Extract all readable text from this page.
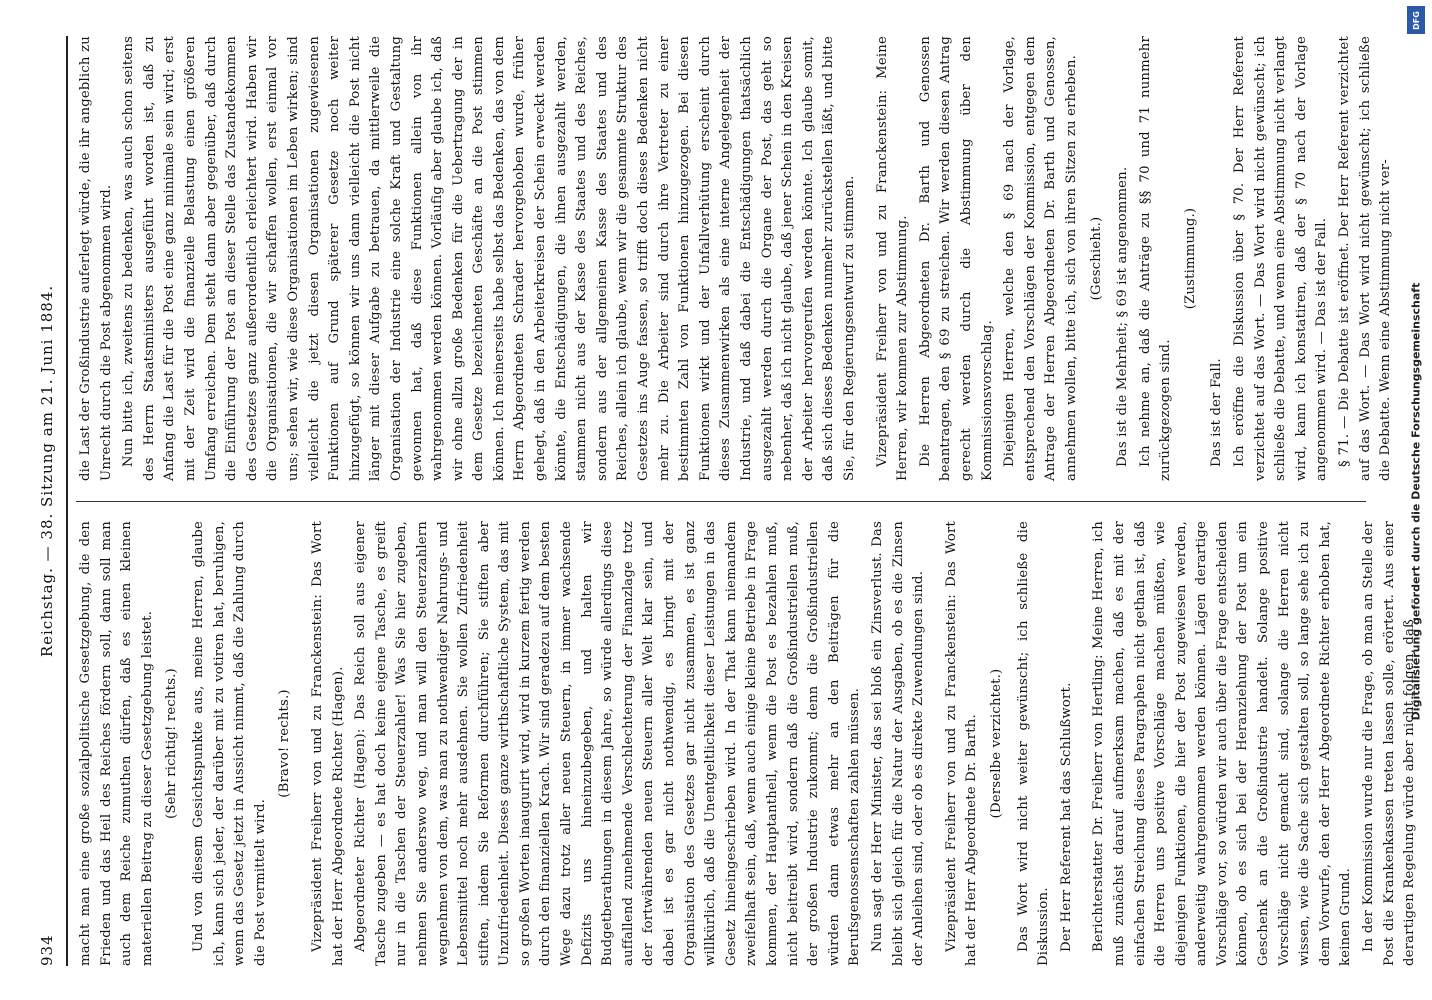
934
Reichstag. — 38. Sitzung am 21. Juni 1884.

macht man eine große sozialpolitische Gesetzgebung, die den Frieden und das Heil des Reiches fördern soll, dann soll man auch dem Reiche zumuthen dürfen, daß es einen kleinen materiellen Beitrag zu dieser Gesetzgebung leistet. (Sehr richtig! rechts.) Und von diesem Gesichtspunkte aus, meine Herren, glaube ich, kann sich jeder, der darüber mit zu votiren hat, beruhigen, wenn das Gesetz jetzt in Aussicht nimmt, daß die Zahlung durch die Post vermittelt wird.

(Bravo! rechts.) Vizepräsident Freiherr von und zu Franckenstein: Das Wort hat der Herr Abgeordnete Richter (Hagen). Abgeordneter Richter (Hagen): Das Reich soll aus eigener Tasche zugeben — es hat doch keine eigene Tasche, es greift nur in die Taschen der Steuerzahler! Was Sie hier zugeben, nehmen Sie anderswo weg, und man will den Steuerzahlern wegnehmen von dem, was man zu nothwendiger Nahrungs- und Lebensmittel noch mehr ausdehnen. Sie wollen Zufriedenheit stiften, indem Sie Reformen durchführen; Sie stiften aber Unzufriedenheit. Dieses ganze wirthschaftliche System, das mit so großen Worten inaugurirt wird, wird in kurzem fertig werden durch den finanziellen Krach. Wir sind geradezu auf dem besten Wege dazu trotz aller neuen Steuern, in immer wachsende Defizits uns hineinzubegeben, und halten wir Budgetberathungen in diesem Jahre, so würde allerdings diese auffallend zunehmende Verschlechterung der Finanzlage trotz der fortwährenden neuen Steuern aller Welt klar sein, und dabei ist es gar nicht nothwendig, es bringt mit der Organisation des Gesetzes gar nicht zusammen, es ist ganz willkürlich, daß die Unentgeltlichkeit dieser Leistungen in das Gesetz hineingeschrieben wird. In der That kann niemandem zweifelhaft sein, daß, wenn auch einige kleine Betriebe in Frage kommen, der Hauptantheil, wenn die Post es bezahlen muß, nicht beitreibt wird, sondern daß die Großindustriellen muß, der großen Industrie zukommt; denn die Großindustriellen würden dann etwas mehr an den Beiträgen für die Berufsgenossenschaften zahlen müssen. Nun sagt der Herr Minister, das sei bloß ein Zinsverlust. Das bleibt sich gleich für die Natur der Ausgaben, ob es die Zinsen der Anleihen sind, oder ob es direkte Zuwendungen sind. Vizepräsident Freiherr von und zu Franckenstein: Das Wort hat der Herr Abgeordnete Dr. Barth. (Derselbe verzichtet.) Das Wort wird nicht weiter gewünscht; ich schließe die Diskussion. Der Herr Referent hat das Schlußwort. Berichterstatter Dr. Freiherr von Hertling: Meine Herren, ich muß zunächst darauf aufmerksam machen, daß es mit der einfachen Streichung dieses Paragraphen nicht gethan ist, daß die Herren uns positive Vorschläge machen müßten, wie diejenigen Funktionen, die hier der Post zugewiesen werden, anderweitig wahrgenommen werden können. Lägen derartige Vorschläge vor, so würden wir auch über die Frage entscheiden können, ob es sich bei der Heranziehung der Post um ein Geschenk an die Großindustrie handelt. Solange positive Vorschläge nicht gemacht sind, solange die Herren nicht wissen, wie die Sache sich gestalten soll, so lange sehe ich zu dem Vorwurfe, den der Herr Abgeordnete Richter erhoben hat, keinen Grund. In der Kommission wurde nur die Frage, ob man an Stelle der Post die Krankenkassen treten lassen solle, erörtert. Aus einer derartigen Regelung würde aber nicht folgen, daß

die Last der Großindustrie auferlegt würde, die ihr angeblich zu Unrecht durch die Post abgenommen wird. Nun bitte ich, zweitens zu bedenken, was auch schon seitens des Herrn Staatsministers ausgeführt worden ist, daß zu Anfang die Last für die Post eine ganz minimale sein wird; erst mit der Zeit wird die finanzielle Belastung einen größeren Umfang erreichen. Dem steht dann aber gegenüber, daß durch die Einführung der Post an dieser Stelle das Zustandekommen des Gesetzes ganz außerordentlich erleichtert wird. Haben wir die Organisationen, die wir schaffen wollen, erst einmal vor uns; sehen wir, wie diese Organisationen im Leben wirken; sind vielleicht die jetzt diesen Organisationen zugewiesenen Funktionen auf Grund späterer Gesetze noch weiter hinzugefügt, so können wir uns dann vielleicht die Post nicht länger mit dieser Aufgabe zu betrauen, da mittlerweile die Organisation der Industrie eine solche Kraft und Gestaltung gewonnen hat, daß diese Funktionen allein von ihr wahrgenommen werden können. Vorläufig aber glaube ich, daß wir ohne allzu große Bedenken für die Uebertragung der in dem Gesetze bezeichneten Geschäfte an die Post stimmen können. Ich meinerseits habe selbst das Bedenken, das von dem Herrn Abgeordneten Schrader hervorgehoben wurde, früher gehegt, daß in den Arbeiterkreisen der Schein erweckt werden könnte, die Entschädigungen, die ihnen ausgezahlt werden, stammen nicht aus der Kasse des Staates und des Reiches, sondern aus der allgemeinen Kasse des Staates und des Reiches, allein ich glaube, wenn wir die gesammte Struktur des Gesetzes ins Auge fassen, so trifft doch dieses Bedenken nicht mehr zu. Die Arbeiter sind durch ihre Vertreter zu einer bestimmten Zahl von Funktionen hinzugezogen. Bei diesen Funktionen wirkt und der Unfallverhütung erscheint durch dieses Zusammenwirken als eine interne Angelegenheit der Industrie, und daß dabei die Entschädigungen thatsächlich ausgezahlt werden durch die Organe der Post, das geht so nebenher, daß ich nicht glaube, daß jener Schein in den Kreisen der Arbeiter hervorgerufen werden könnte. Ich glaube somit, daß sich dieses Bedenken nunmehr zurückstellen läßt, und bitte Sie, für den Regierungsentwurf zu stimmen. Vizepräsident Freiherr von und zu Franckenstein: Meine Herren, wir kommen zur Abstimmung. Die Herren Abgeordneten Dr. Barth und Genossen beantragen, den § 69 zu streichen. Wir werden diesen Antrag gerecht werden durch die Abstimmung über den Kommissionsvorschlag. Diejenigen Herren, welche den § 69 nach der Vorlage, entsprechend den Vorschlägen der Kommission, entgegen dem Antrage der Herren Abgeordneten Dr. Barth und Genossen, annehmen wollen, bitte ich, sich von ihren Sitzen zu erheben. (Geschieht.) Das ist die Mehrheit; § 69 ist angenommen. Ich nehme an, daß die Anträge zu §§ 70 und 71 nunmehr zurückgezogen sind.

(Zustimmung.)

Das ist der Fall. Ich eröffne die Diskussion über § 70. Der Herr Referent verzichtet auf das Wort. — Das Wort wird nicht gewünscht; ich schließe die Debatte, und wenn eine Abstimmung nicht verlangt wird, kann ich konstatiren, daß der § 70 nach der Vorlage angenommen wird. — Das ist der Fall. § 71. — Die Debatte ist eröffnet. Der Herr Referent verzichtet auf das Wort. — Das Wort wird nicht gewünscht; ich schließe die Debatte. Wenn eine Abstimmung nicht ver-	Digitalisierung gefördert durch die Deutsche Forschungsgemeinschaft
DFG
